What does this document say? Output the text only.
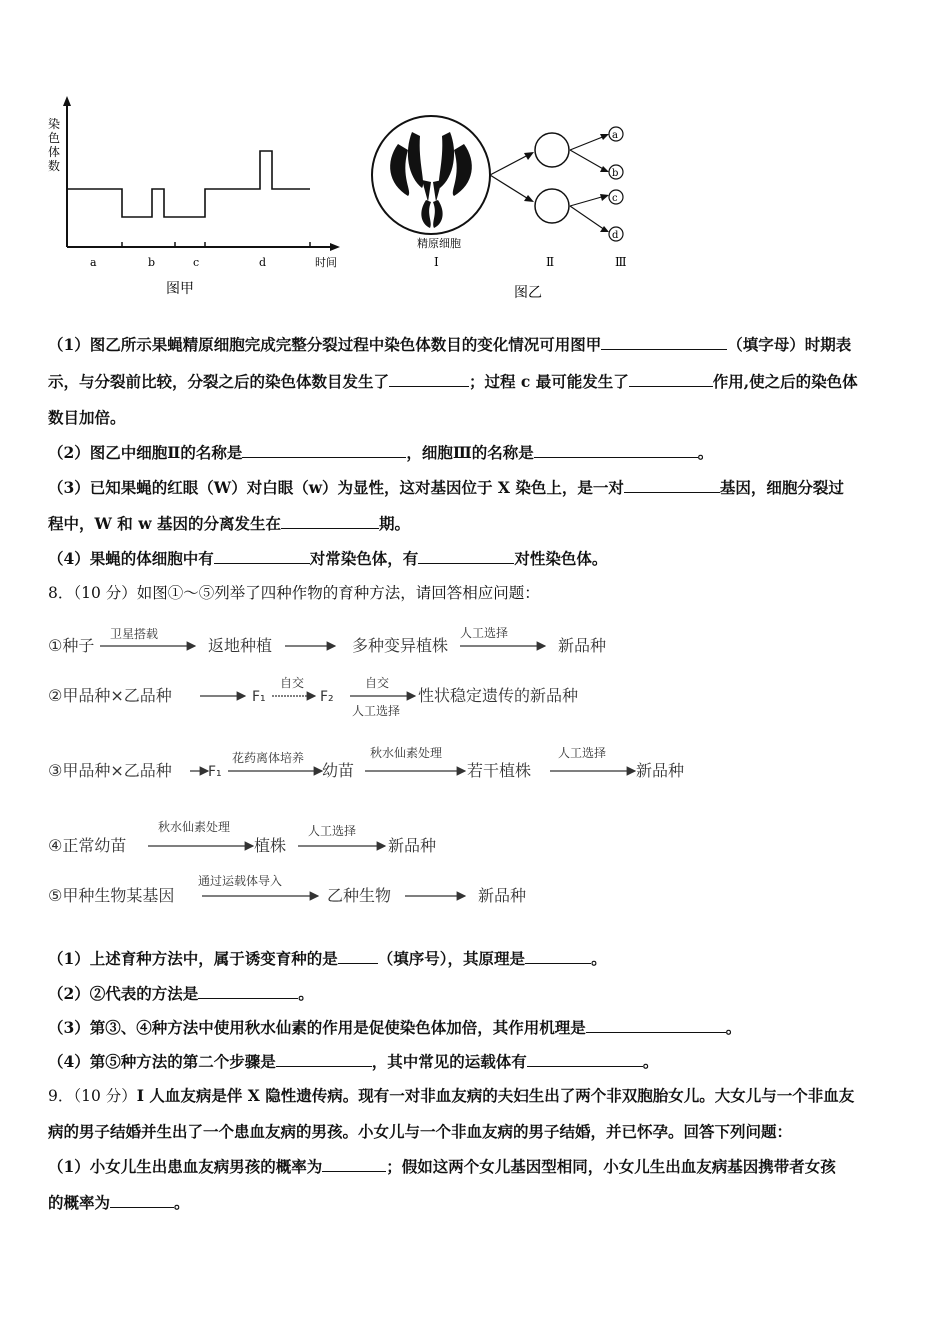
染
色
体
数
a	b	c	d	时间
图甲
a
b
c
d
精原细胞
Ⅰ	Ⅱ	Ⅲ
图乙
（1）图乙所示果蝇精原细胞完成完整分裂过程中染色体数目的变化情况可用图甲	（填字母）时期表
示，与分裂前比较，分裂之后的染色体数目发生了	；过程 c 最可能发生了	作用,使之后的染色体
数目加倍。
（2）图乙中细胞Ⅱ的名称是	，细胞Ⅲ的名称是	。
（3）已知果蝇的红眼（W）对白眼（w）为显性，这对基因位于 X 染色上，是一对	基因，细胞分裂过
程中，W 和 w 基因的分离发生在	期。
（4）果蝇的体细胞中有	对常染色体，有	对性染色体。
8．（10 分）如图①～⑤列举了四种作物的育种方法，请回答相应问题：
①种子
卫星搭载
返地种植	多种变异植株
人工选择
新品种
②甲品种×乙品种	F₁
自交
F₂
自交
人工选择
性状稳定遗传的新品种
③甲品种×乙品种	F₁
花药离体培养
幼苗
秋水仙素处理
若干植株
人工选择
新品种
④正常幼苗
秋水仙素处理
植株
人工选择
新品种
⑤甲种生物某基因
通过运载体导入
乙种生物	新品种
（1）上述育种方法中，属于诱变育种的是	（填序号），其原理是	。
（2）②代表的方法是	。
（3）第③、④种方法中使用秋水仙素的作用是促使染色体加倍，其作用机理是	。
（4）第⑤种方法的第二个步骤是	，其中常见的运载体有	。
9．（10 分）I 人血友病是伴 X 隐性遗传病。现有一对非血友病的夫妇生出了两个非双胞胎女儿。大女儿与一个非血友
病的男子结婚并生出了一个患血友病的男孩。小女儿与一个非血友病的男子结婚，并已怀孕。回答下列问题：
（1）小女儿生出患血友病男孩的概率为	；假如这两个女儿基因型相同，小女儿生出血友病基因携带者女孩
的概率为	。
